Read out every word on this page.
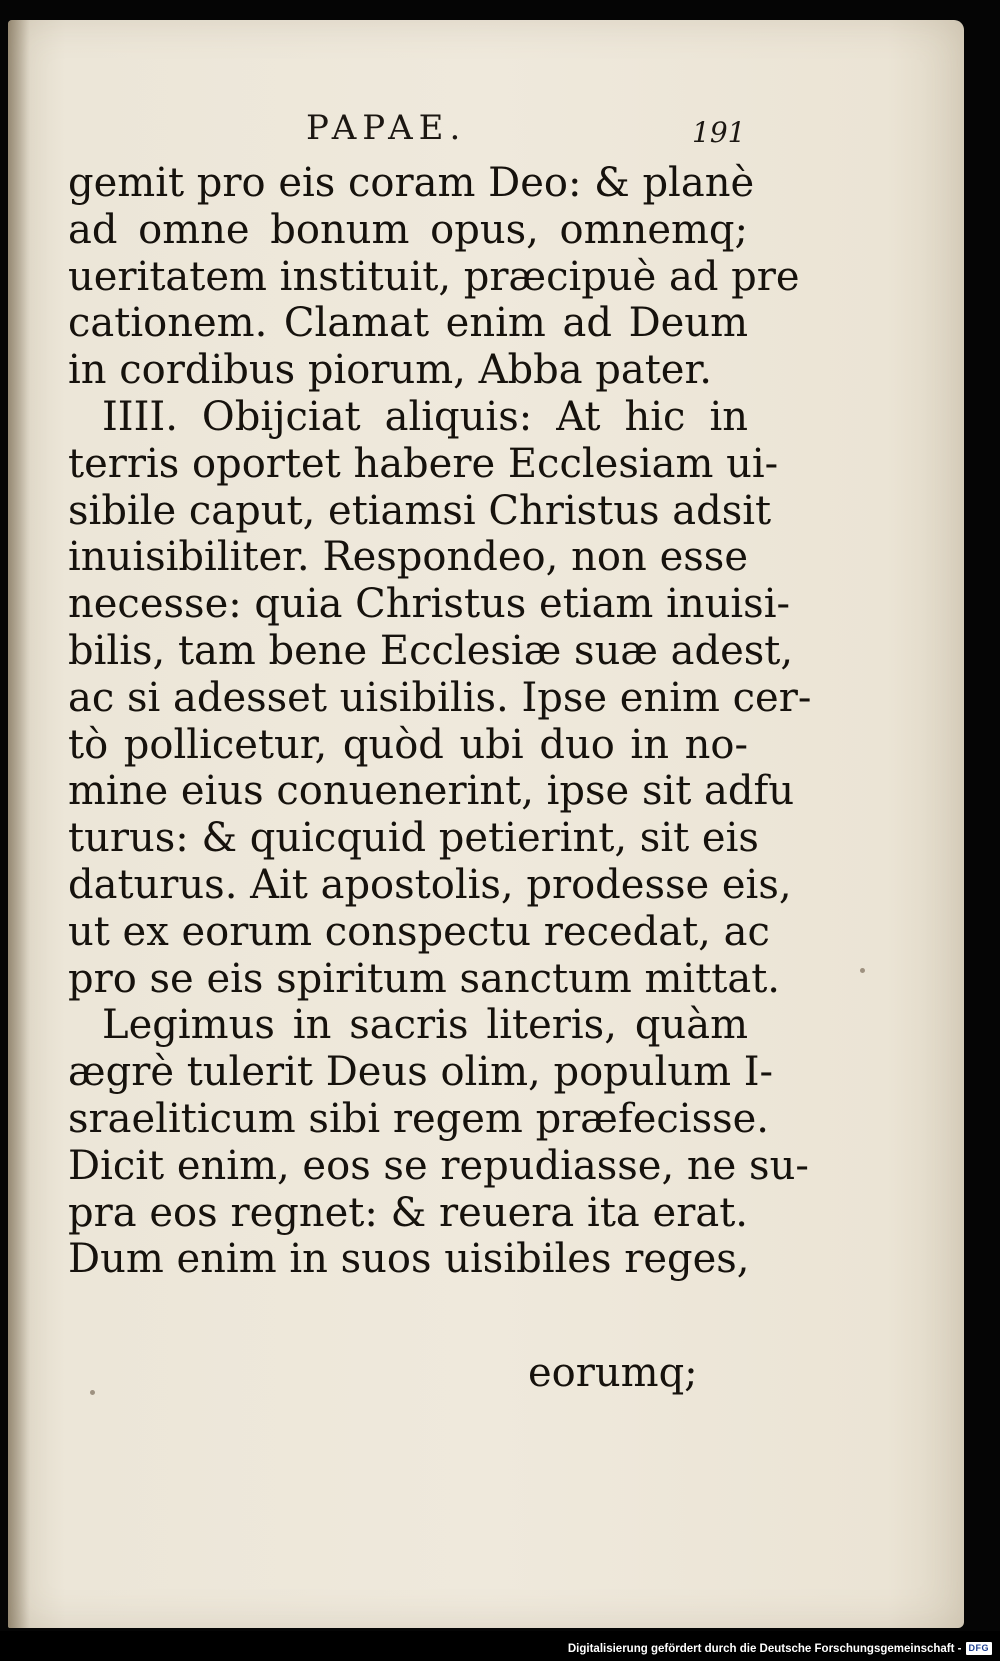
PAPAE.	191
gemit pro eis coram Deo: & planè
ad omne bonum opus, omnemq;
ueritatem instituit, præcipuè ad pre
cationem. Clamat enim ad Deum
in cordibus piorum, Abba pater.
IIII. Obijciat aliquis: At hic in
terris oportet habere Ecclesiam ui-
sibile caput, etiamsi Christus adsit
inuisibiliter. Respondeo, non esse
necesse: quia Christus etiam inuisi-
bilis, tam bene Ecclesiæ suæ adest,
ac si adesset uisibilis. Ipse enim cer-
tò pollicetur, quòd ubi duo in no-
mine eius conuenerint, ipse sit adfu
turus: & quicquid petierint, sit eis
daturus. Ait apostolis, prodesse eis,
ut ex eorum conspectu recedat, ac
pro se eis spiritum sanctum mittat.
Legimus in sacris literis, quàm
ægrè tulerit Deus olim, populum I-
sraeliticum sibi regem præfecisse.
Dicit enim, eos se repudiasse, ne su-
pra eos regnet: & reuera ita erat.
Dum enim in suos uisibiles reges,
eorumq;
Digitalisierung gefördert durch die Deutsche Forschungsgemeinschaft - DFG
